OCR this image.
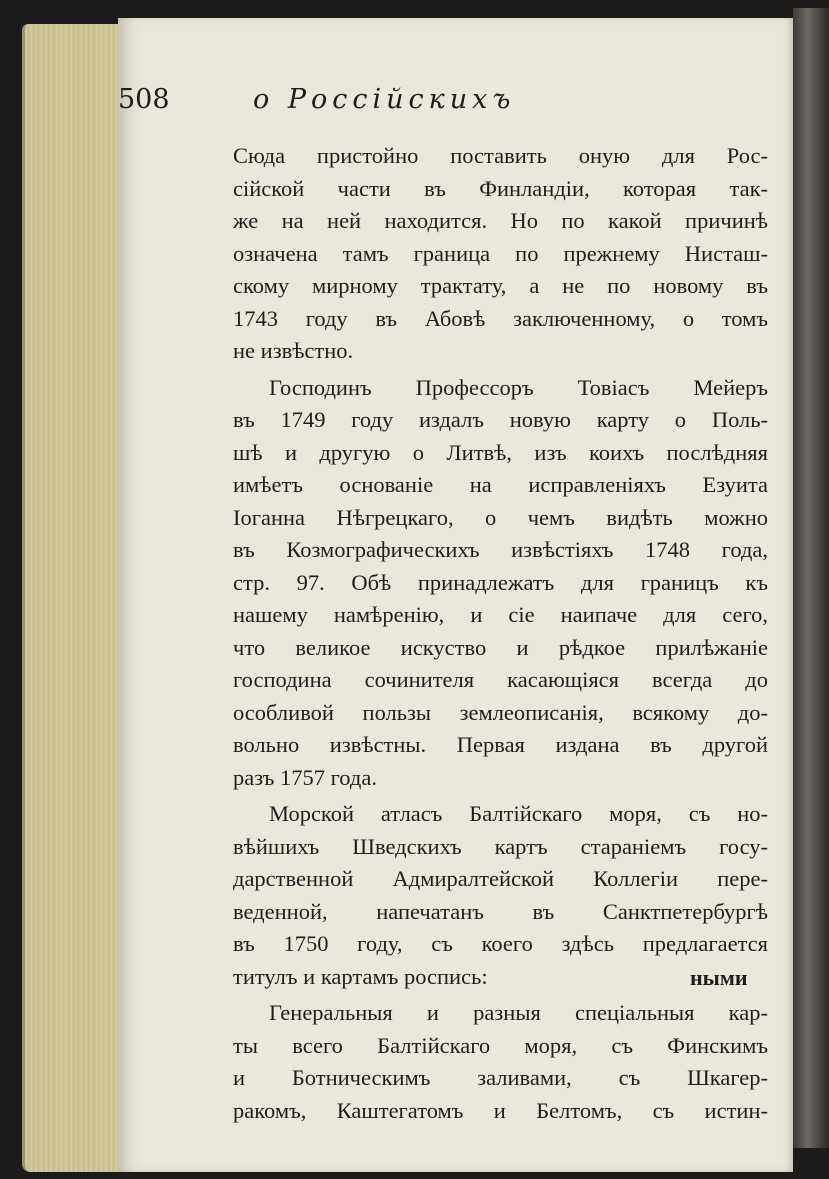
508	о Россійскихъ
Сюда пристойно поставить оную для Рос-
сійской части въ Финландіи, которая так-
же на ней находится. Но по какой причинѣ
означена тамъ граница по прежнему Нисташ-
скому мирному трактату, а не по новому въ
1743 году въ Абовѣ заключенному, о томъ
не извѣстно.
Господинъ Профессоръ Товіасъ Мейеръ
въ 1749 году издалъ новую карту о Поль-
шѣ и другую о Литвѣ, изъ коихъ послѣдняя
имѣетъ основаніе на исправленіяхъ Езуита
Іоганна Нѣгрецкаго, о чемъ видѣть можно
въ Козмографическихъ извѣстіяхъ 1748 года,
стр. 97. Обѣ принадлежатъ для границъ къ
нашему намѣренію, и сіе наипаче для сего,
что великое искуство и рѣдкое прилѣжаніе
господина сочинителя касающіяся всегда до
особливой пользы землеописанія, всякому до-
вольно извѣстны. Первая издана въ другой
разъ 1757 года.
Морской атласъ Балтійскаго моря, съ но-
вѣйшихъ Шведскихъ картъ стараніемъ госу-
дарственной Адмиралтейской Коллегіи пере-
веденной, напечатанъ въ Санктпетербургѣ
въ 1750 году, съ коего здѣсь предлагается
титулъ и картамъ роспись:
Генеральныя и разныя спеціальныя кар-
ты всего Балтійскаго моря, съ Финскимъ
и Ботническимъ заливами, съ Шкагер-
ракомъ, Каштегатомъ и Белтомъ, съ истин-
ными
